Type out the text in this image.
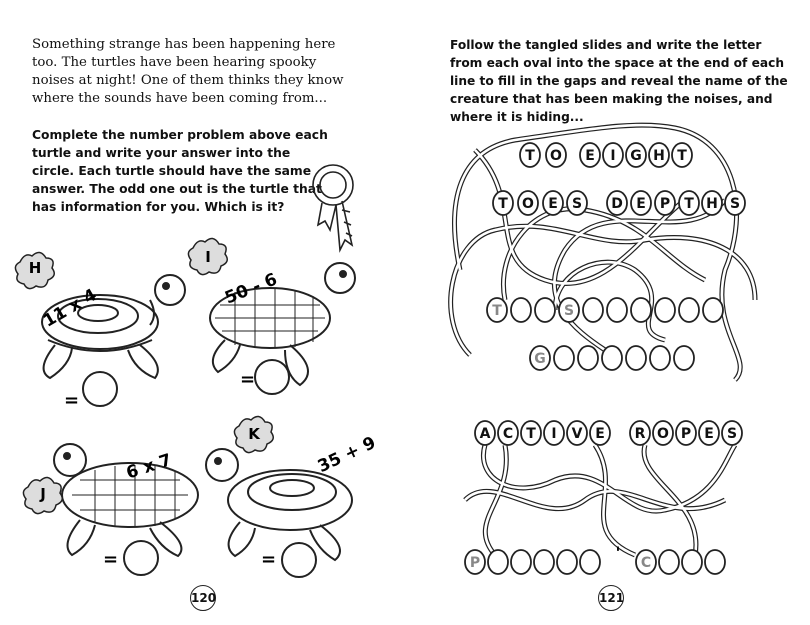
Something strange has been happening here too. The turtles have been hearing spooky noises at night! One of them thinks they know where the sounds have been coming from...
Complete the number problem above each turtle and write your answer into the circle. Each turtle should have the same answer. The odd one out is the turtle that has information for you. Which is it?
H
I
J
K
11 x 4	50 - 6
6 x 7	35 + 9
=
=
=	=
120
Follow the tangled slides and write the letter from each oval into the space at the end of each line to fill in the gaps and reveal the name of the creature that has been making the noises, and where it is hiding...
T O E I G H T
T O E S D E P T H S
T	S
G
A C T I V E R O P E S
P
'
C
121
